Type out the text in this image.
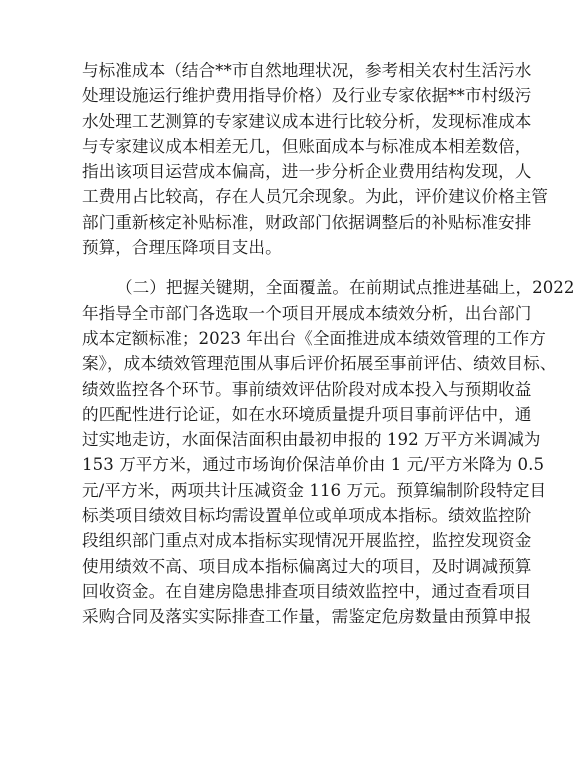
与标准成本（结合**市自然地理状况，参考相关农村生活污水
处理设施运行维护费用指导价格）及行业专家依据**市村级污
水处理工艺测算的专家建议成本进行比较分析，发现标准成本
与专家建议成本相差无几，但账面成本与标准成本相差数倍，
指出该项目运营成本偏高，进一步分析企业费用结构发现，人
工费用占比较高，存在人员冗余现象。为此，评价建议价格主管
部门重新核定补贴标准，财政部门依据调整后的补贴标准安排
预算，合理压降项目支出。
（二）把握关键期，全面覆盖。在前期试点推进基础上，2022
年指导全市部门各选取一个项目开展成本绩效分析，出台部门
成本定额标准；2023 年出台《全面推进成本绩效管理的工作方
案》，成本绩效管理范围从事后评价拓展至事前评估、绩效目标、
绩效监控各个环节。事前绩效评估阶段对成本投入与预期收益
的匹配性进行论证，如在水环境质量提升项目事前评估中，通
过实地走访，水面保洁面积由最初申报的 192 万平方米调减为
153 万平方米，通过市场询价保洁单价由 1 元/平方米降为 0.5
元/平方米，两项共计压减资金 116 万元。预算编制阶段特定目
标类项目绩效目标均需设置单位或单项成本指标。绩效监控阶
段组织部门重点对成本指标实现情况开展监控，监控发现资金
使用绩效不高、项目成本指标偏离过大的项目，及时调减预算
回收资金。在自建房隐患排查项目绩效监控中，通过查看项目
采购合同及落实实际排查工作量，需鉴定危房数量由预算申报
